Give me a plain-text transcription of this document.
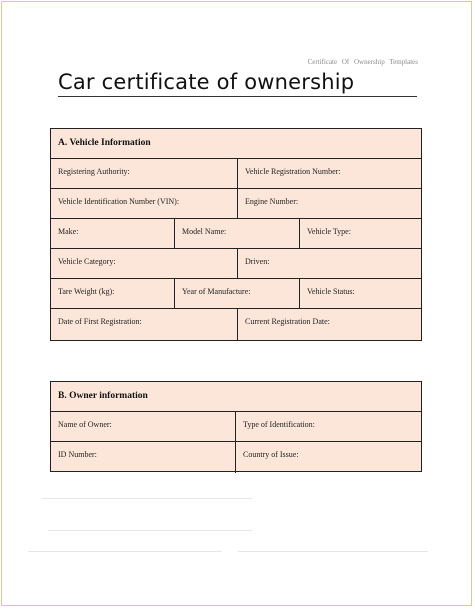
Certificate Of Ownership Templates
Car certificate of ownership
A. Vehicle Information
Registering Authority:	Vehicle Registration Number:
Vehicle Identification Number (VIN):	Engine Number:
Make:	Model Name:	Vehicle Type:
Vehicle Category:	Driven:
Tare Weight (kg):	Year of Manufacture:	Vehicle Status:
Date of First Registration:	Current Registration Date:
B. Owner information
Name of Owner:	Type of Identification:
ID Number:	Country of Issue:
